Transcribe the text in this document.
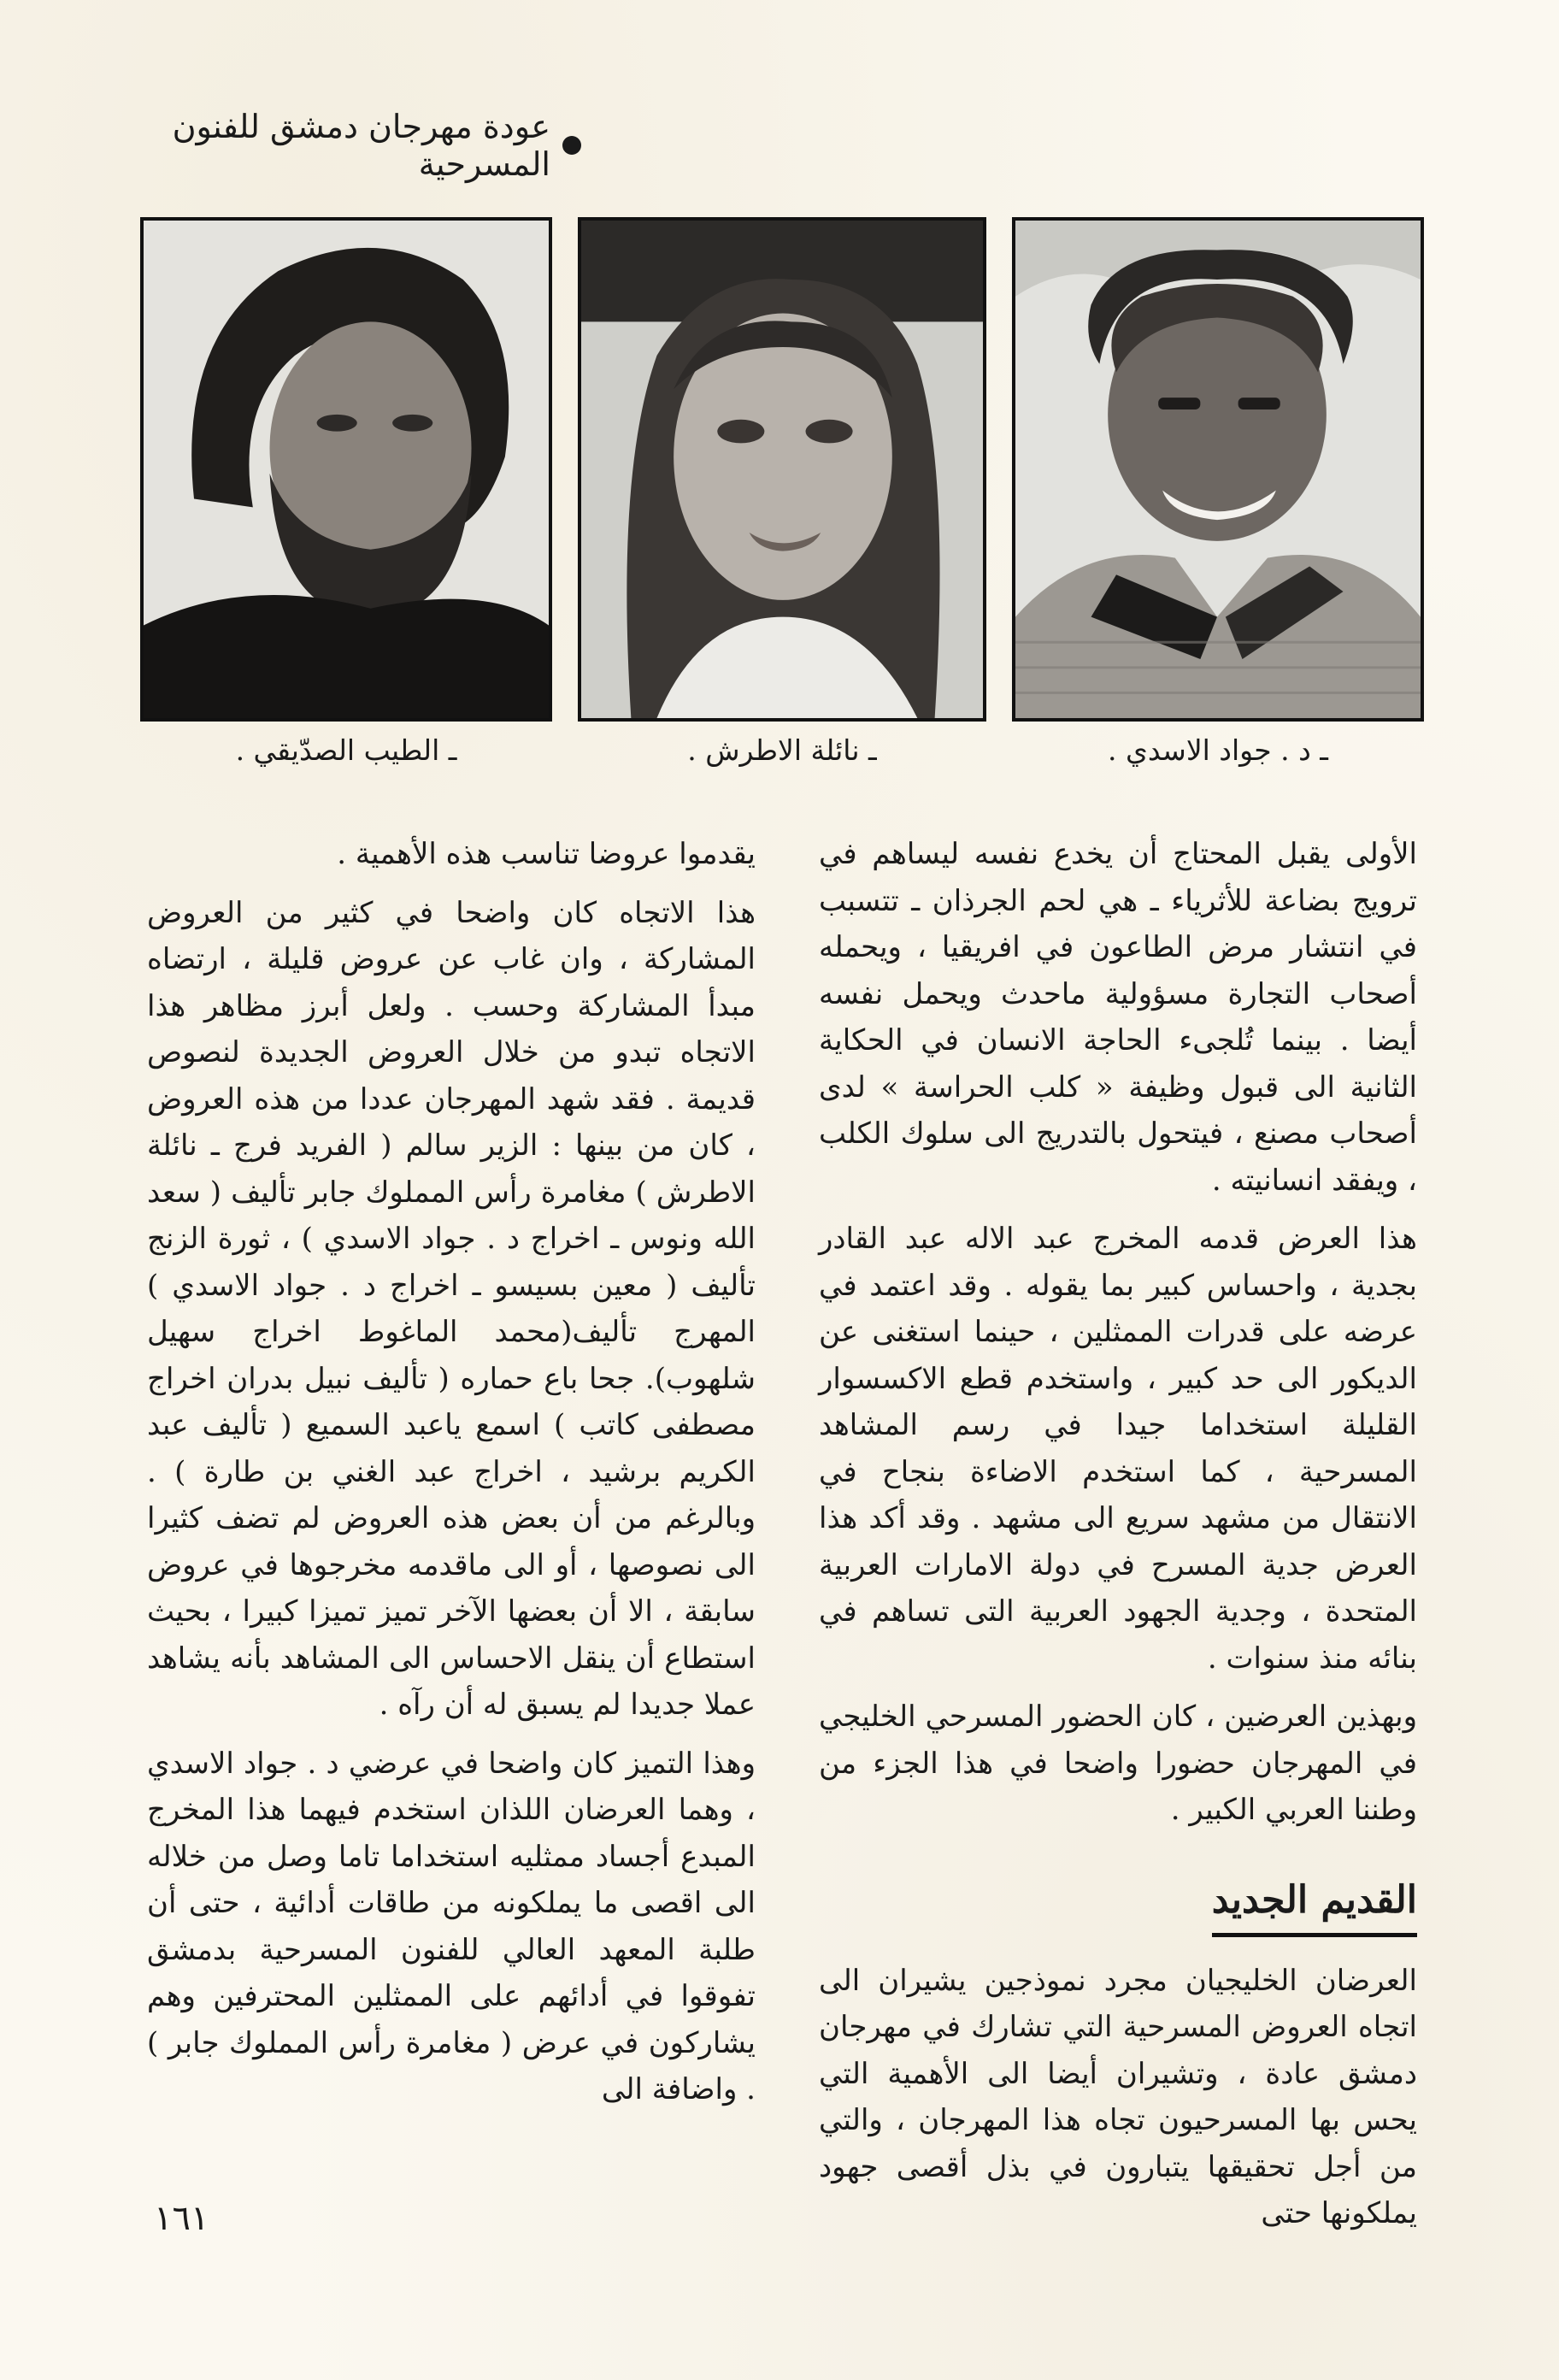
عودة مهرجان دمشق للفنون المسرحية
ـ د . جواد الاسدي .
ـ نائلة الاطرش .
ـ الطيب الصدّيقي .

الأولى يقبل المحتاج أن يخدع نفسه ليساهم في ترويج بضاعة للأثرياء ـ هي لحم الجرذان ـ تتسبب في انتشار مرض الطاعون في افريقيا ، ويحمله أصحاب التجارة مسؤولية ماحدث ويحمل نفسه أيضا . بينما تُلجىء الحاجة الانسان في الحكاية الثانية الى قبول وظيفة « كلب الحراسة » لدى أصحاب مصنع ، فيتحول بالتدريج الى سلوك الكلب ، ويفقد انسانيته .

هذا العرض قدمه المخرج عبد الاله عبد القادر بجدية ، واحساس كبير بما يقوله . وقد اعتمد في عرضه على قدرات الممثلين ، حينما استغنى عن الديكور الى حد كبير ، واستخدم قطع الاكسسوار القليلة استخداما جيدا في رسم المشاهد المسرحية ، كما استخدم الاضاءة بنجاح في الانتقال من مشهد سريع الى مشهد . وقد أكد هذا العرض جدية المسرح في دولة الامارات العربية المتحدة ، وجدية الجهود العربية التى تساهم في بنائه منذ سنوات .

وبهذين العرضين ، كان الحضور المسرحي الخليجي في المهرجان حضورا واضحا في هذا الجزء من وطننا العربي الكبير .

القديم الجديد

العرضان الخليجيان مجرد نموذجين يشيران الى اتجاه العروض المسرحية التي تشارك في مهرجان دمشق عادة ، وتشيران أيضا الى الأهمية التي يحس بها المسرحيون تجاه هذا المهرجان ، والتي من أجل تحقيقها يتبارون في بذل أقصى جهود يملكونها حتى

يقدموا عروضا تناسب هذه الأهمية .

هذا الاتجاه كان واضحا في كثير من العروض المشاركة ، وان غاب عن عروض قليلة ، ارتضاه مبدأ المشاركة وحسب . ولعل أبرز مظاهر هذا الاتجاه تبدو من خلال العروض الجديدة لنصوص قديمة . فقد شهد المهرجان عددا من هذه العروض ، كان من بينها : الزير سالم ( الفريد فرج ـ نائلة الاطرش ) مغامرة رأس المملوك جابر تأليف ( سعد الله ونوس ـ اخراج د . جواد الاسدي ) ، ثورة الزنج تأليف ( معين بسيسو ـ اخراج د . جواد الاسدي ) المهرج تأليف(محمد الماغوط اخراج سهيل شلهوب). جحا باع حماره ( تأليف نبيل بدران اخراج مصطفى كاتب ) اسمع ياعبد السميع ( تأليف عبد الكريم برشيد ، اخراج عبد الغني بن طارة ) . وبالرغم من أن بعض هذه العروض لم تضف كثيرا الى نصوصها ، أو الى ماقدمه مخرجوها في عروض سابقة ، الا أن بعضها الآخر تميز تميزا كبيرا ، بحيث استطاع أن ينقل الاحساس الى المشاهد بأنه يشاهد عملا جديدا لم يسبق له أن رآه .

وهذا التميز كان واضحا في عرضي د . جواد الاسدي ، وهما العرضان اللذان استخدم فيهما هذا المخرج المبدع أجساد ممثليه استخداما تاما وصل من خلاله الى اقصى ما يملكونه من طاقات أدائية ، حتى أن طلبة المعهد العالي للفنون المسرحية بدمشق تفوقوا في أدائهم على الممثلين المحترفين وهم يشاركون في عرض ( مغامرة رأس المملوك جابر ) . واضافة الى

١٦١
